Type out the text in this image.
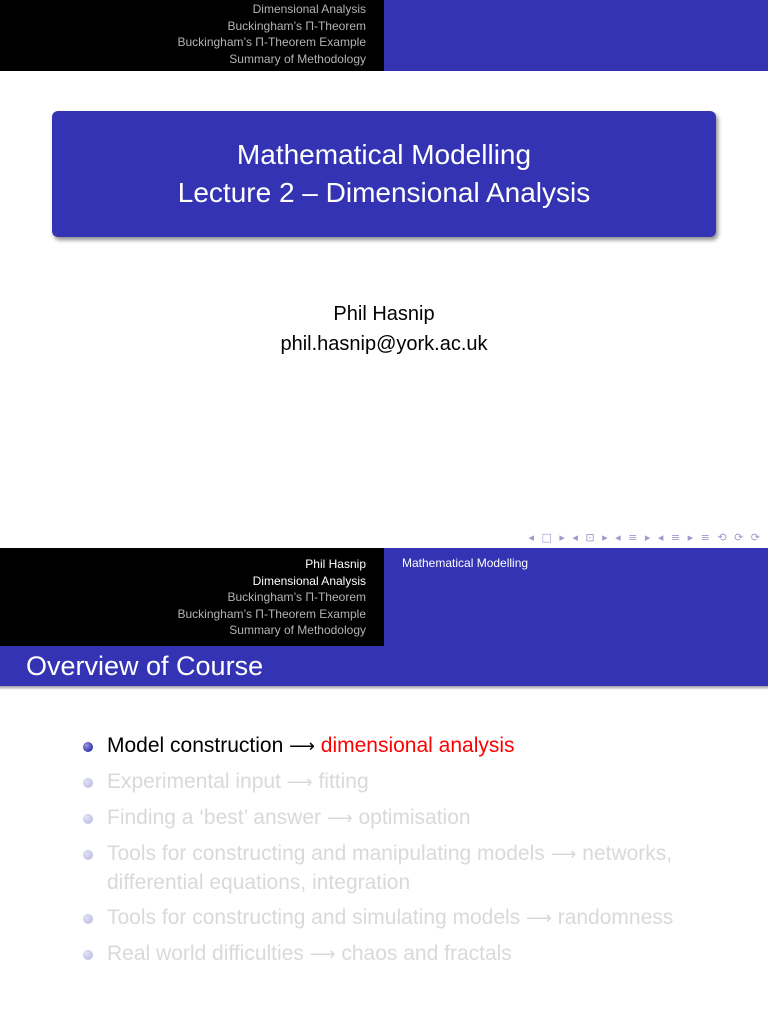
Dimensional Analysis
Buckingham’s Π-Theorem
Buckingham’s Π-Theorem Example
Summary of Methodology
Mathematical Modelling
Lecture 2 – Dimensional Analysis
Phil Hasnip
phil.hasnip@york.ac.uk
◂ □ ▸ ◂ ⊡ ▸ ◂ ≡ ▸ ◂ ≡ ▸ ≡ ⟲ ⟳ ⟳
Phil Hasnip
Dimensional Analysis
Buckingham’s Π-Theorem
Buckingham’s Π-Theorem Example
Summary of Methodology
Mathematical Modelling
Overview of Course
Model construction ⟶ dimensional analysis
Experimental input ⟶ fitting
Finding a ‘best’ answer ⟶ optimisation
Tools for constructing and manipulating models ⟶ networks, differential equations, integration
Tools for constructing and simulating models ⟶ randomness
Real world difficulties ⟶ chaos and fractals
